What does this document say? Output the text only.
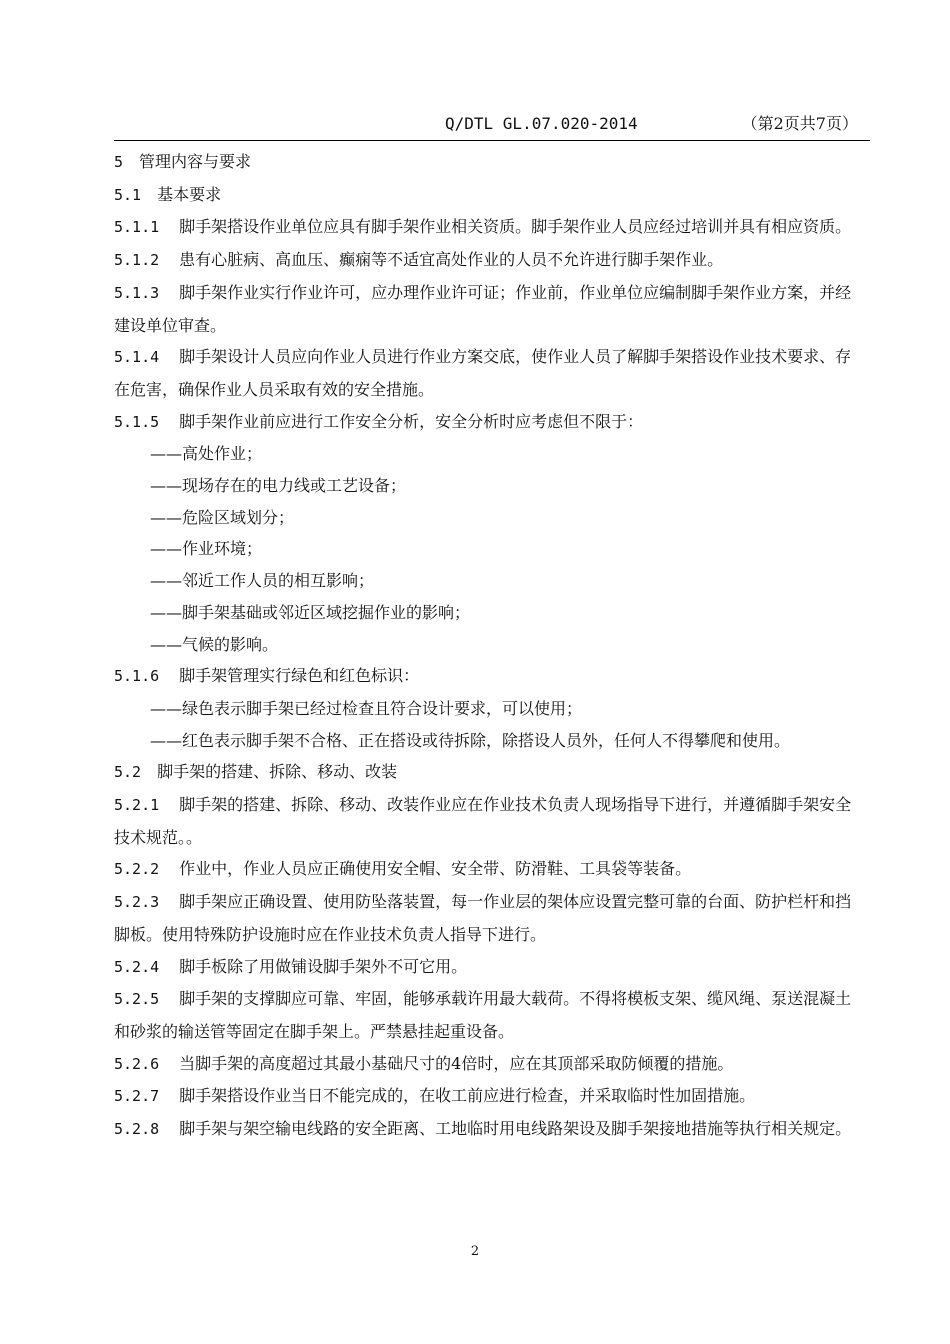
Q/DTL GL.07.020-2014	（第2页共7页）

5 管理内容与要求

5.1 基本要求

5.1.1 脚手架搭设作业单位应具有脚手架作业相关资质。脚手架作业人员应经过培训并具有相应资质。

5.1.2 患有心脏病、高血压、癫痫等不适宜高处作业的人员不允许进行脚手架作业。

5.1.3 脚手架作业实行作业许可，应办理作业许可证；作业前，作业单位应编制脚手架作业方案，并经建设单位审查。

5.1.4 脚手架设计人员应向作业人员进行作业方案交底，使作业人员了解脚手架搭设作业技术要求、存在危害，确保作业人员采取有效的安全措施。

5.1.5 脚手架作业前应进行工作安全分析，安全分析时应考虑但不限于：

——高处作业；

——现场存在的电力线或工艺设备；

——危险区域划分；

——作业环境；

——邻近工作人员的相互影响；

——脚手架基础或邻近区域挖掘作业的影响；

——气候的影响。

5.1.6 脚手架管理实行绿色和红色标识：

——绿色表示脚手架已经过检查且符合设计要求，可以使用；

——红色表示脚手架不合格、正在搭设或待拆除，除搭设人员外，任何人不得攀爬和使用。

5.2 脚手架的搭建、拆除、移动、改装

5.2.1 脚手架的搭建、拆除、移动、改装作业应在作业技术负责人现场指导下进行，并遵循脚手架安全技术规范。。

5.2.2 作业中，作业人员应正确使用安全帽、安全带、防滑鞋、工具袋等装备。

5.2.3 脚手架应正确设置、使用防坠落装置，每一作业层的架体应设置完整可靠的台面、防护栏杆和挡脚板。使用特殊防护设施时应在作业技术负责人指导下进行。

5.2.4 脚手板除了用做铺设脚手架外不可它用。

5.2.5 脚手架的支撑脚应可靠、牢固，能够承载许用最大载荷。不得将模板支架、缆风绳、泵送混凝土和砂浆的输送管等固定在脚手架上。严禁悬挂起重设备。

5.2.6 当脚手架的高度超过其最小基础尺寸的4倍时，应在其顶部采取防倾覆的措施。

5.2.7 脚手架搭设作业当日不能完成的，在收工前应进行检查，并采取临时性加固措施。

5.2.8 脚手架与架空输电线路的安全距离、工地临时用电线路架设及脚手架接地措施等执行相关规定。

2
